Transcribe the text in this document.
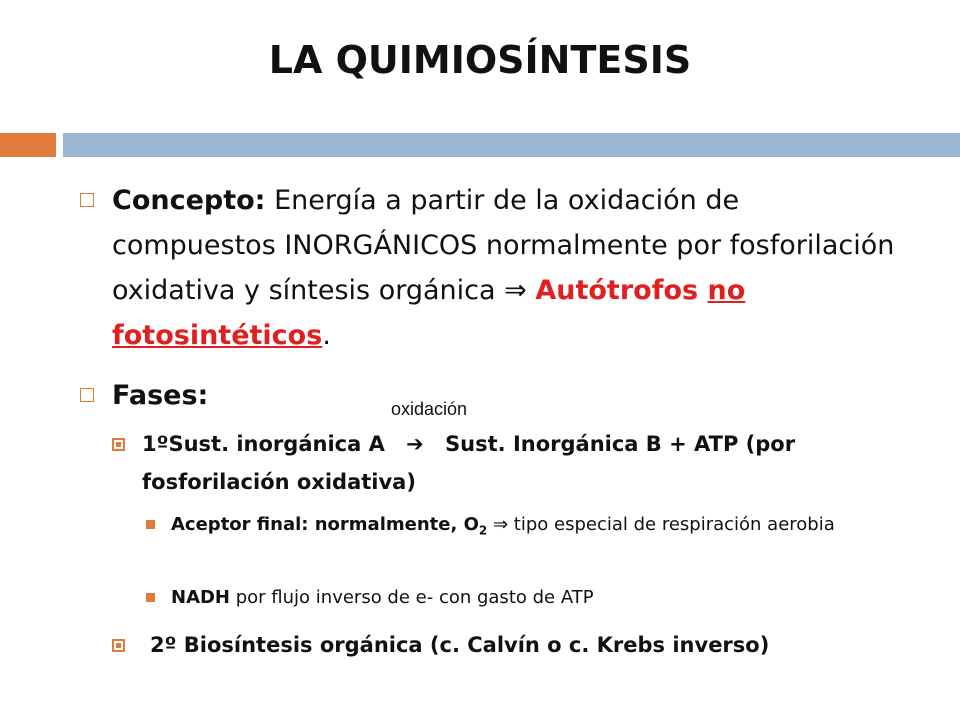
LA QUIMIOSÍNTESIS
Concepto: Energía a partir de la oxidación de compuestos INORGÁNICOS normalmente por fosforilación oxidativa y síntesis orgánica ⇒ Autótrofos no fotosintéticos.
Fases:	oxidación
1ºSust. inorgánica A ➔ Sust. Inorgánica B + ATP (por fosforilación oxidativa)
Aceptor final: normalmente, $O_2$ ⇒ tipo especial de respiración aerobia
NADH por flujo inverso de e- con gasto de ATP
2º Biosíntesis orgánica (c. Calvín o c. Krebs inverso)
